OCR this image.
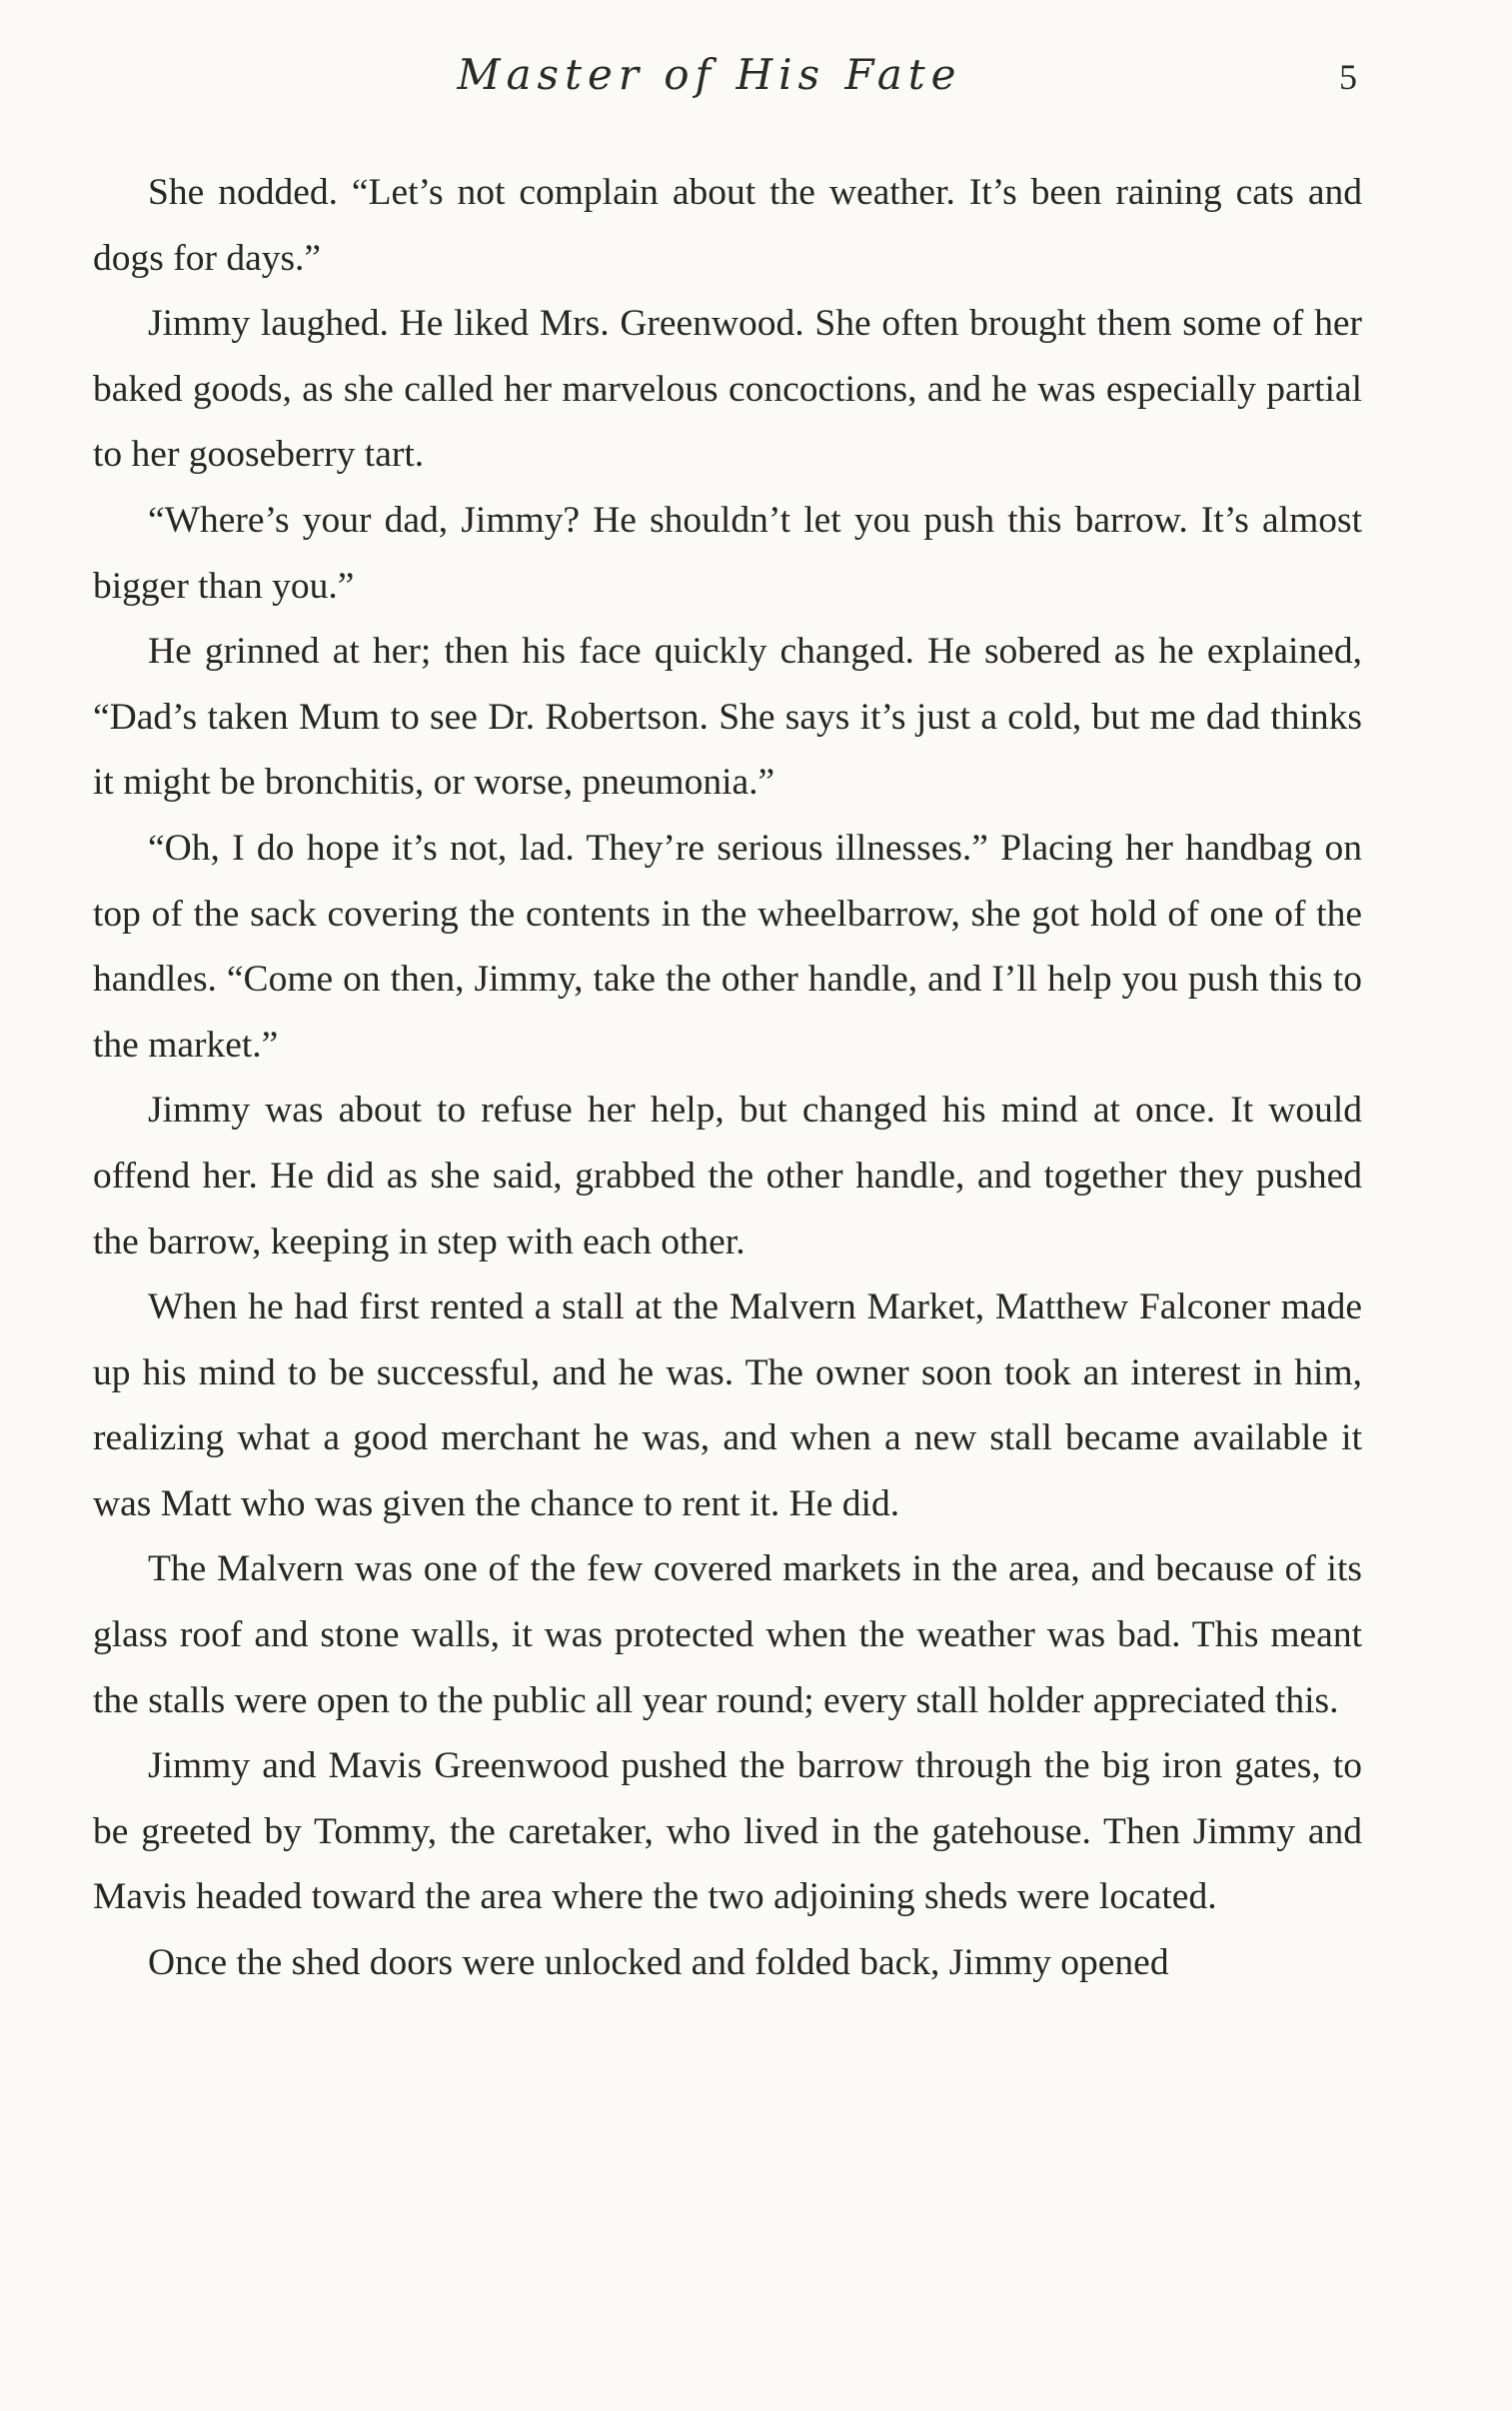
Master of His Fate	5

She nodded. “Let’s not complain about the weather. It’s been raining cats and dogs for days.”

Jimmy laughed. He liked Mrs. Greenwood. She often brought them some of her baked goods, as she called her marvelous concoctions, and he was especially partial to her gooseberry tart.

“Where’s your dad, Jimmy? He shouldn’t let you push this barrow. It’s almost bigger than you.”

He grinned at her; then his face quickly changed. He sobered as he explained, “Dad’s taken Mum to see Dr. Robertson. She says it’s just a cold, but me dad thinks it might be bronchitis, or worse, pneumonia.”

“Oh, I do hope it’s not, lad. They’re serious illnesses.” Placing her handbag on top of the sack covering the contents in the wheelbarrow, she got hold of one of the handles. “Come on then, Jimmy, take the other handle, and I’ll help you push this to the market.”

Jimmy was about to refuse her help, but changed his mind at once. It would offend her. He did as she said, grabbed the other handle, and together they pushed the barrow, keeping in step with each other.

When he had first rented a stall at the Malvern Market, Matthew Falconer made up his mind to be successful, and he was. The owner soon took an interest in him, realizing what a good merchant he was, and when a new stall became available it was Matt who was given the chance to rent it. He did.

The Malvern was one of the few covered markets in the area, and because of its glass roof and stone walls, it was protected when the weather was bad. This meant the stalls were open to the public all year round; every stall holder appreciated this.

Jimmy and Mavis Greenwood pushed the barrow through the big iron gates, to be greeted by Tommy, the caretaker, who lived in the gatehouse. Then Jimmy and Mavis headed toward the area where the two adjoining sheds were located.

Once the shed doors were unlocked and folded back, Jimmy opened
